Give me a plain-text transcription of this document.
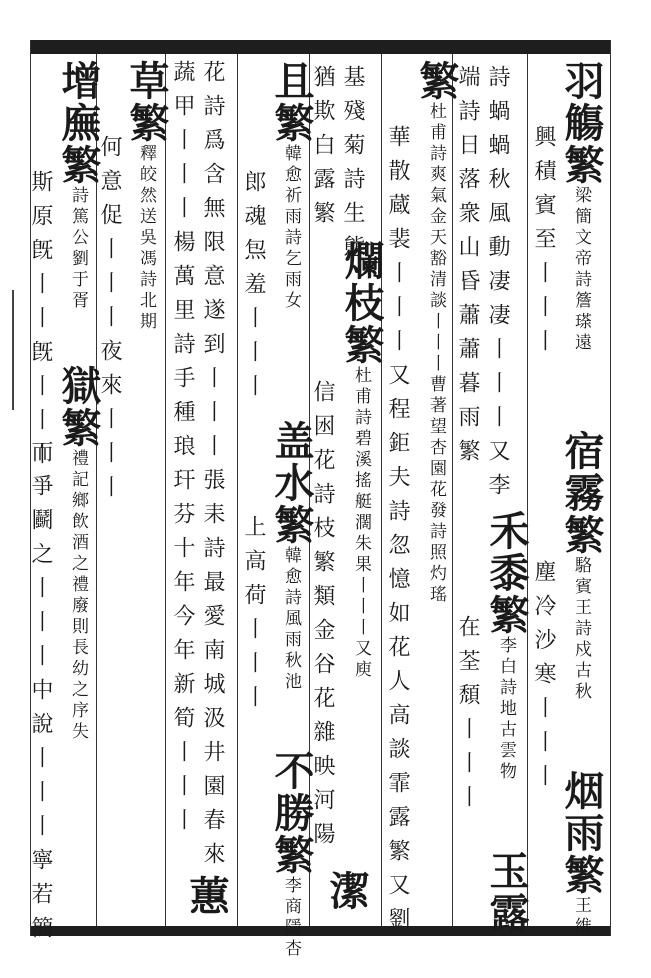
羽觴繁梁簡文帝詩簷瑹遠
興積賓至丨丨丨
宿霧繁駱賓王詩戍古秋
塵冷沙寒丨丨丨
烟雨繁王維
詩蝸蝸秋風動凄凄丨丨丨又李
端詩日落衆山昏蕭蕭暮雨繁
禾黍繁李白詩地古雲物
在荃頹丨丨丨
玉露
繁杜甫詩爽氣金天豁清談丨丨丨曹著望杏園花發詩照灼瑤
華散蔵裴丨丨丨又程鉅夫詩忽憶如花人高談霏露繁又劉
基殘菊詩生態
猶欺白露繁
爛枝繁杜甫詩碧溪搖艇濶朱果丨丨丨又庾
信囦花詩枝繁類金谷花雜映河陽
潔
且繁韓愈祈雨詩乞雨女
郎魂炰羞丨丨丨
盖水繁韓愈詩風雨秋池
上高荷丨丨丨
不勝繁李商隱杏
花詩爲含無限意遂到丨丨丨張耒詩最愛南城汲井園春來
蔬甲丨丨丨楊萬里詩手種琅玕芬十年今年新筍丨丨丨
蕙
草繁釋皎然送吳馮詩北期
何意促丨丨丨夜來丨丨丨
增廡繁詩篤公劉于胥
斯原旣丨丨旣丨丨丨 獄繁禮記鄉飲酒之禮廢則長幼之序失
而爭鬬之丨丨丨中說丨丨丨寧若簡
